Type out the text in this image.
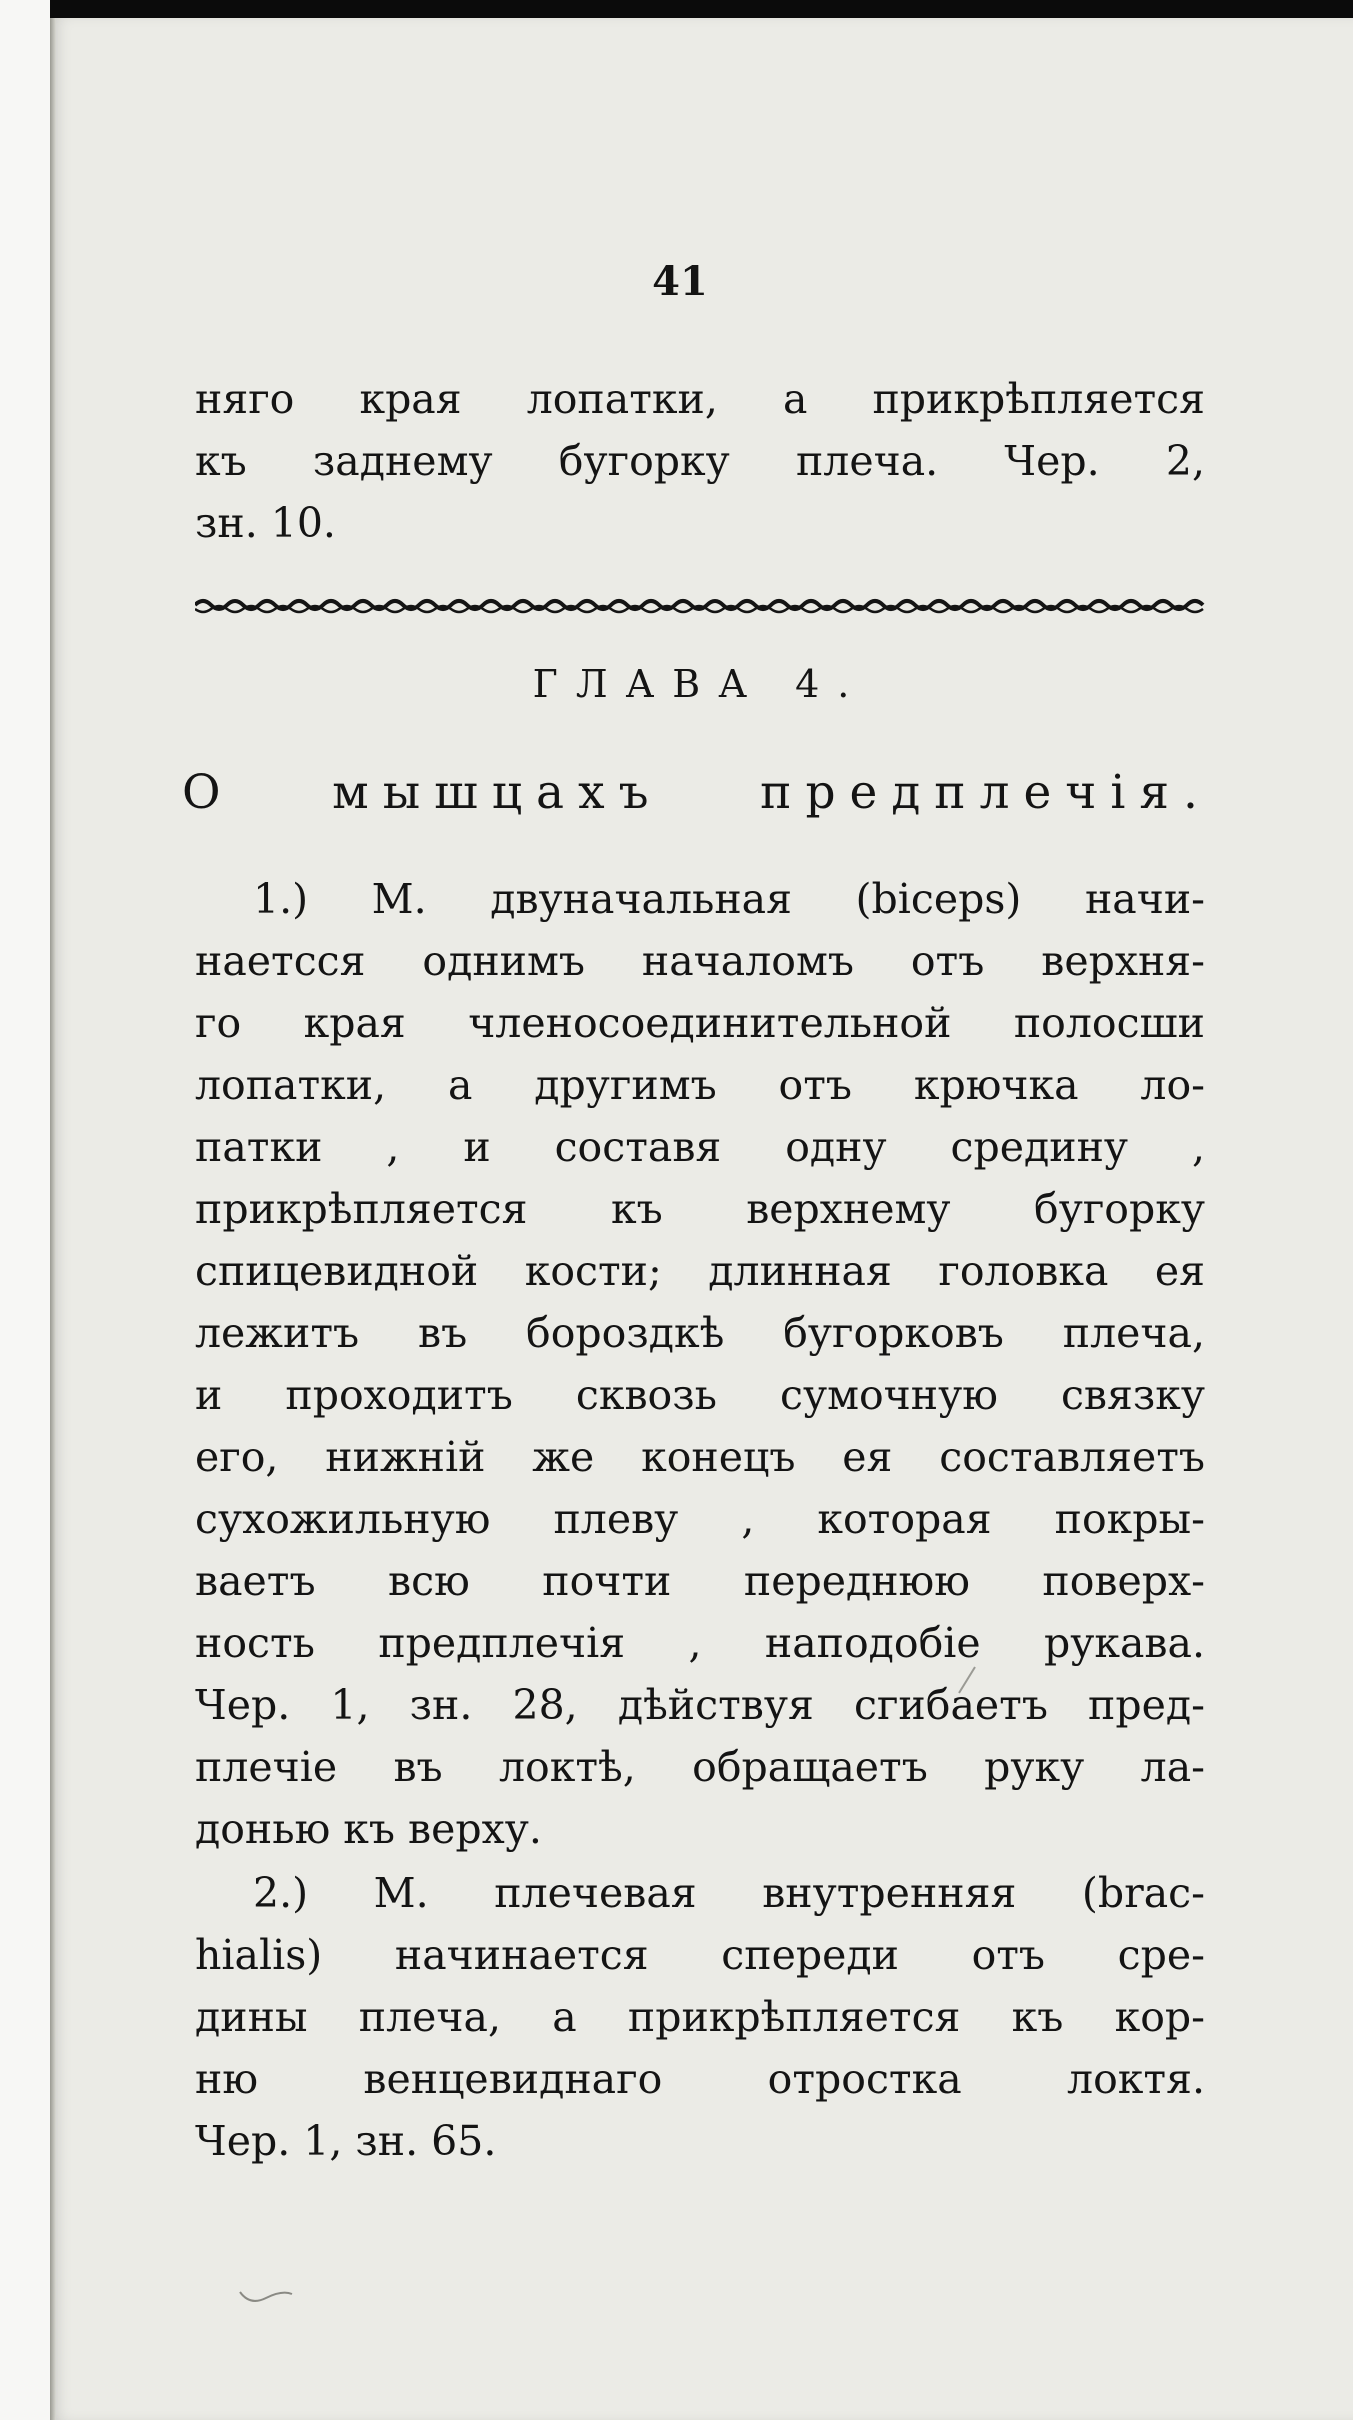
41
няго края лопатки, а прикрѣпляется
къ заднему бугорку плеча. Чер. 2,
зн. 10.
ГЛАВА 4.
О мышцахъ предплечія.
1.) М. двуначальная (biceps) начи-
наетсся однимъ началомъ отъ верхня-
го края членосоединительной полосши
лопатки, а другимъ отъ крючка ло-
патки , и составя одну средину ,
прикрѣпляется къ верхнему бугорку
спицевидной кости; длинная головка ея
лежитъ въ бороздкѣ бугорковъ плеча,
и проходитъ сквозь сумочную связку
его, нижній же конецъ ея составляетъ
сухожильную плеву , которая покры-
ваетъ всю почти переднюю поверх-
ность предплечія , наподобіе рукава.
Чер. 1, зн. 28, дѣйствуя сгибаетъ пред-
плечіе въ локтѣ, обращаетъ руку ла-
донью къ верху.
2.) М. плечевая внутренняя (brac-
hialis) начинается спереди отъ сре-
дины плеча, а прикрѣпляется къ кор-
ню венцевиднаго отростка локтя.
Чер. 1, зн. 65.
